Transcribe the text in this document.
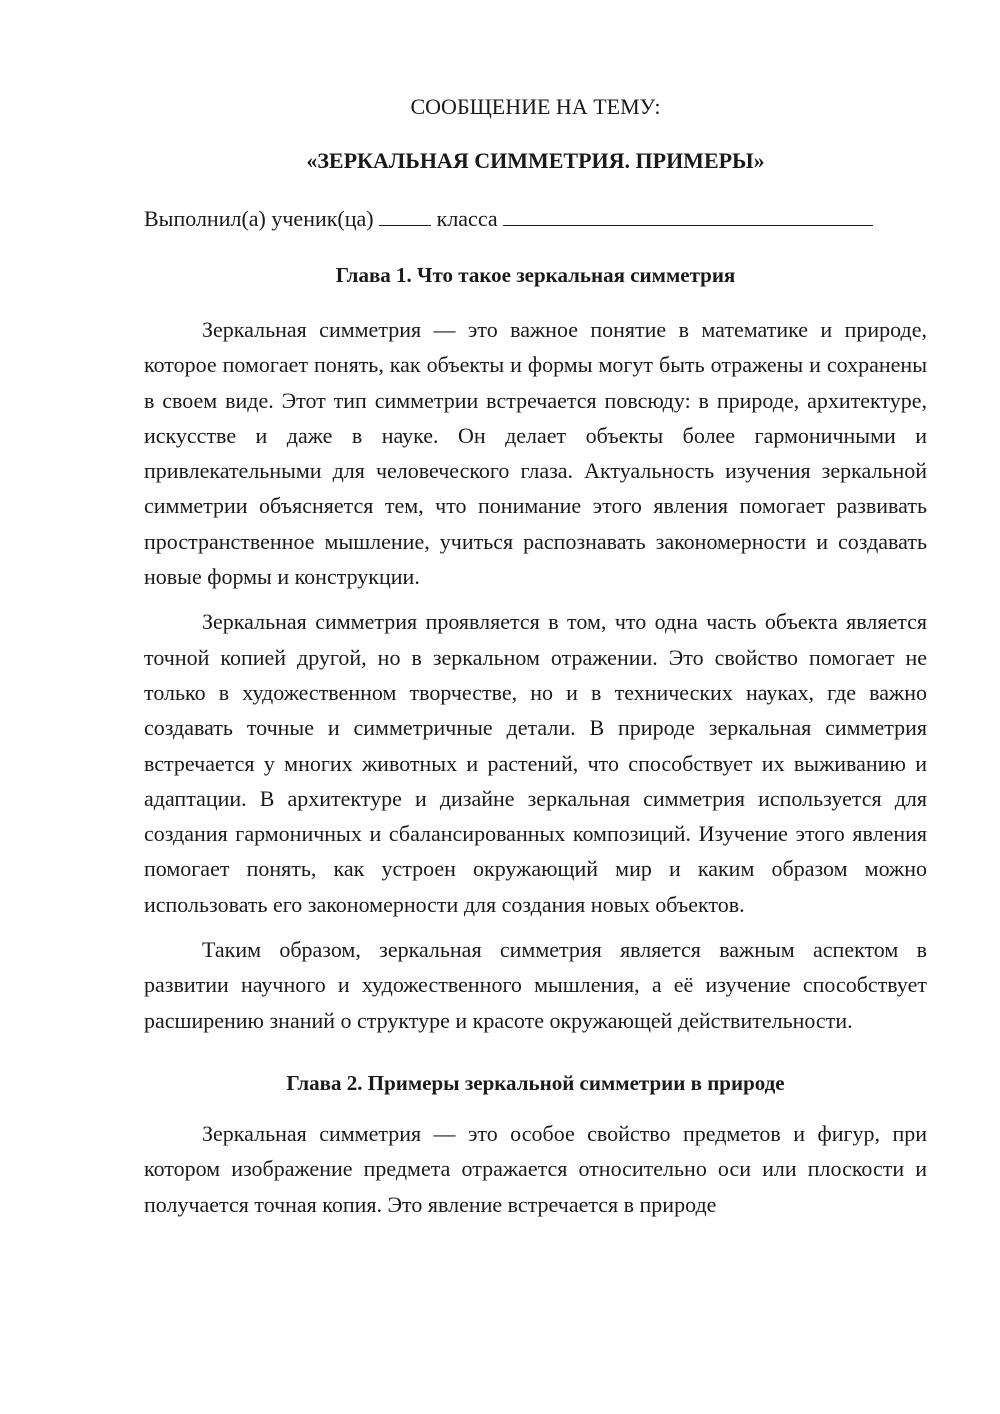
СООБЩЕНИЕ НА ТЕМУ:

«ЗЕРКАЛЬНАЯ СИММЕТРИЯ. ПРИМЕРЫ»

Выполнил(а) ученик(ца)	класса
Глава 1. Что такое зеркальная симметрия

Зеркальная симметрия — это важное понятие в математике и природе, которое помогает понять, как объекты и формы могут быть отражены и сохранены в своем виде. Этот тип симметрии встречается повсюду: в природе, архитектуре, искусстве и даже в науке. Он делает объекты более гармоничными и привлекательными для человеческого глаза. Актуальность изучения зеркальной симметрии объясняется тем, что понимание этого явления помогает развивать пространственное мышление, учиться распознавать закономерности и создавать новые формы и конструкции.

Зеркальная симметрия проявляется в том, что одна часть объекта является точной копией другой, но в зеркальном отражении. Это свойство помогает не только в художественном творчестве, но и в технических науках, где важно создавать точные и симметричные детали. В природе зеркальная симметрия встречается у многих животных и растений, что способствует их выживанию и адаптации. В архитектуре и дизайне зеркальная симметрия используется для создания гармоничных и сбалансированных композиций. Изучение этого явления помогает понять, как устроен окружающий мир и каким образом можно использовать его закономерности для создания новых объектов.

Таким образом, зеркальная симметрия является важным аспектом в развитии научного и художественного мышления, а её изучение способствует расширению знаний о структуре и красоте окружающей действительности.

Глава 2. Примеры зеркальной симметрии в природе

Зеркальная симметрия — это особое свойство предметов и фигур, при котором изображение предмета отражается относительно оси или плоскости и получается точная копия. Это явление встречается в природе
